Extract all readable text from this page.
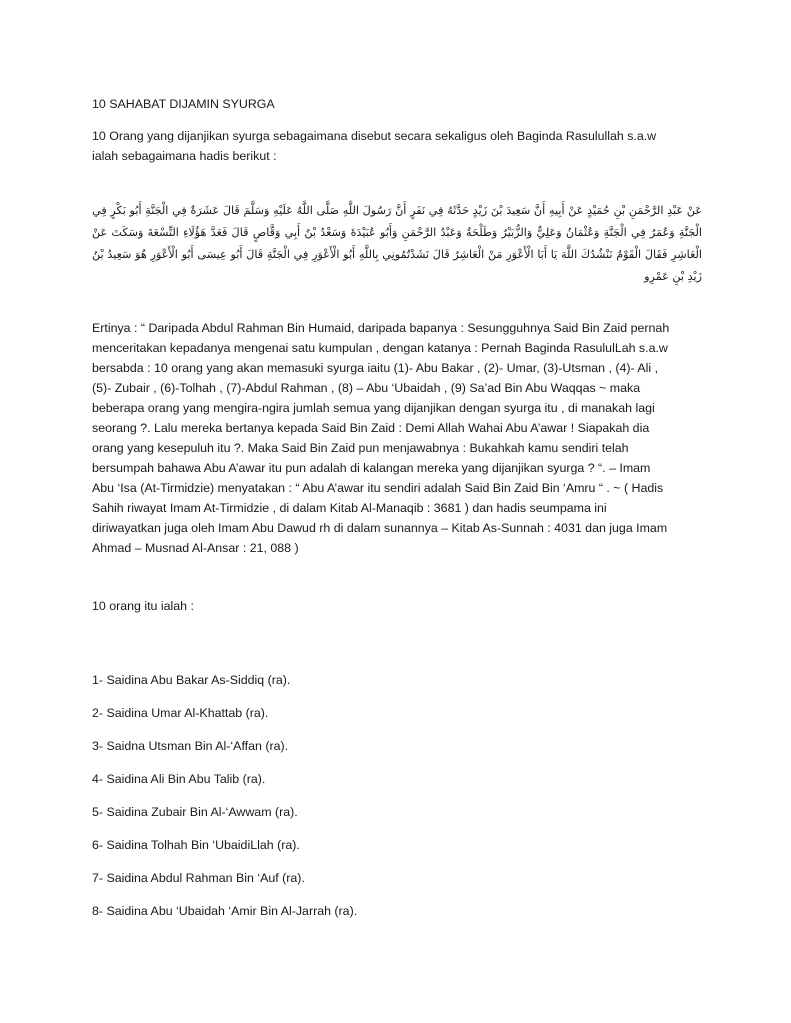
10 SAHABAT DIJAMIN SYURGA

10 Orang yang dijanjikan syurga sebagaimana disebut secara sekaligus oleh Baginda Rasulullah s.a.w
ialah sebagaimana hadis berikut :

عَنْ عَبْدِ الرَّحْمَنِ بْنِ حُمَيْدٍ عَنْ أَبِيهِ أَنَّ سَعِيدَ بْنَ زَيْدٍ حَدَّثَهُ فِي نَفَرٍ أَنَّ رَسُولَ اللَّهِ صَلَّى اللَّهُ عَلَيْهِ وَسَلَّمَ قَالَ عَشَرَةٌ فِي الْجَنَّةِ أَبُو بَكْرٍ فِي الْجَنَّةِ وَعُمَرُ فِي الْجَنَّةِ وَعُثْمَانُ وَعَلِيٌّ وَالزُّبَيْرُ وَطَلْحَةُ وَعَبْدُ الرَّحْمَنِ وَأَبُو عُبَيْدَةَ وَسَعْدُ بْنُ أَبِي وَقَّاصٍ قَالَ فَعَدَّ هَؤُلَاءِ التِّسْعَةَ وَسَكَتَ عَنْ الْعَاشِرِ فَقَالَ الْقَوْمُ نَنْشُدُكَ اللَّهَ يَا أَبَا الْأَعْوَرِ مَنْ الْعَاشِرُ قَالَ نَشَدْتُمُونِي بِاللَّهِ أَبُو الْأَعْوَرِ فِي الْجَنَّةِ قَالَ أَبُو عِيسَى أَبُو الْأَعْوَرِ هُوَ سَعِيدُ بْنُ زَيْدِ بْنِ عَمْرِو

Ertinya : “ Daripada Abdul Rahman Bin Humaid, daripada bapanya : Sesungguhnya Said Bin Zaid pernah
menceritakan kepadanya mengenai satu kumpulan , dengan katanya : Pernah Baginda RasululLah s.a.w
bersabda : 10 orang yang akan memasuki syurga iaitu (1)- Abu Bakar , (2)- Umar, (3)-Utsman , (4)- Ali ,
(5)- Zubair , (6)-Tolhah , (7)-Abdul Rahman , (8) – Abu ‘Ubaidah , (9) Sa’ad Bin Abu Waqqas ~ maka
beberapa orang yang mengira-ngira jumlah semua yang dijanjikan dengan syurga itu , di manakah lagi
seorang ?. Lalu mereka bertanya kepada Said Bin Zaid : Demi Allah Wahai Abu A’awar ! Siapakah dia
orang yang kesepuluh itu ?. Maka Said Bin Zaid pun menjawabnya : Bukahkah kamu sendiri telah
bersumpah bahawa Abu A’awar itu pun adalah di kalangan mereka yang dijanjikan syurga ? “. – Imam
Abu ‘Isa (At-Tirmidzie) menyatakan : “ Abu A’awar itu sendiri adalah Said Bin Zaid Bin ‘Amru “ . ~ ( Hadis
Sahih riwayat Imam At-Tirmidzie , di dalam Kitab Al-Manaqib : 3681 ) dan hadis seumpama ini
diriwayatkan juga oleh Imam Abu Dawud rh di dalam sunannya – Kitab As-Sunnah : 4031 dan juga Imam
Ahmad – Musnad Al-Ansar : 21, 088 )

10 orang itu ialah :

1- Saidina Abu Bakar As-Siddiq (ra).
2- Saidina Umar Al-Khattab (ra).
3- Saidna Utsman Bin Al-‘Affan (ra).
4- Saidina Ali Bin Abu Talib (ra).
5- Saidina Zubair Bin Al-‘Awwam (ra).
6- Saidina Tolhah Bin ‘UbaidiLlah (ra).
7- Saidina Abdul Rahman Bin ‘Auf (ra).
8- Saidina Abu ‘Ubaidah ‘Amir Bin Al-Jarrah (ra).
